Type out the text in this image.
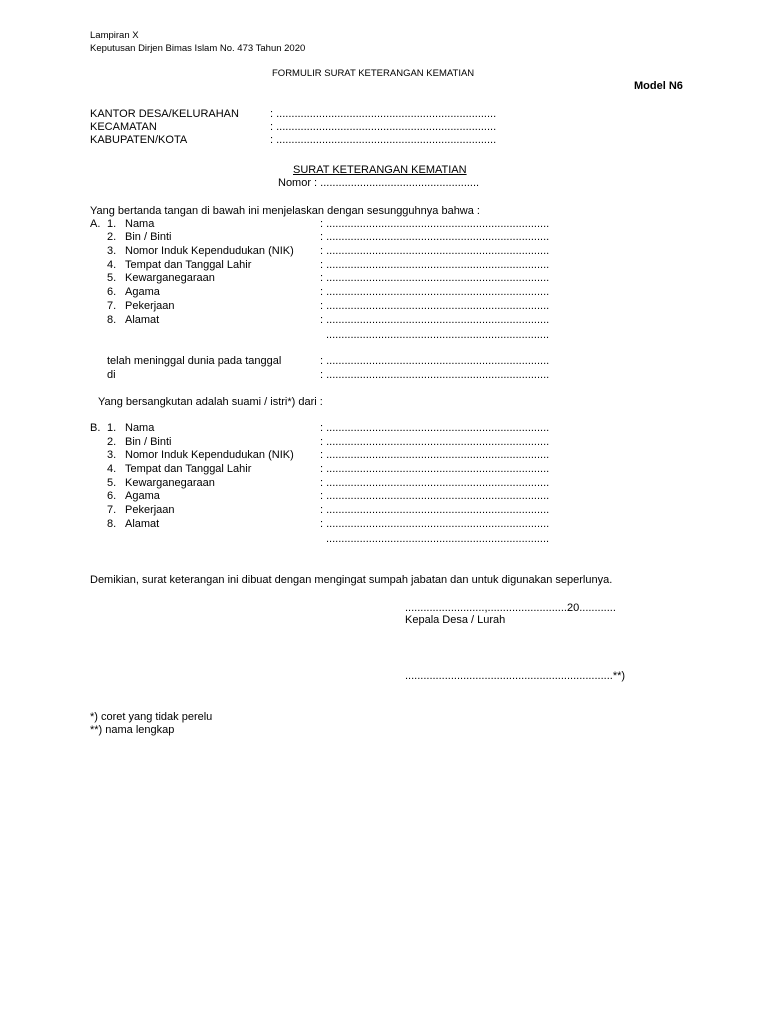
Lampiran X
Keputusan Dirjen Bimas Islam No. 473 Tahun 2020
FORMULIR SURAT KETERANGAN KEMATIAN
Model N6
KANTOR DESA/KELURAHAN	: ........................................................................
KECAMATAN	: ........................................................................
KABUPATEN/KOTA	: ........................................................................
SURAT KETERANGAN KEMATIAN
Nomor : ....................................................
Yang bertanda tangan di bawah ini menjelaskan dengan sesungguhnya bahwa :
A. 1. Nama	: .........................................................................
2. Bin / Binti	: .........................................................................
3. Nomor Induk Kependudukan (NIK) : .........................................................................
4. Tempat dan Tanggal Lahir	: .........................................................................
5. Kewarganegaraan	: .........................................................................
6. Agama	: .........................................................................
7. Pekerjaan	: .........................................................................
8. Alamat	: .........................................................................
.........................................................................
telah meninggal dunia pada tanggal	: .........................................................................
di	: .........................................................................
Yang bersangkutan adalah suami / istri*) dari :
B. 1. Nama	: .........................................................................
2. Bin / Binti	: .........................................................................
3. Nomor Induk Kependudukan (NIK) : .........................................................................
4. Tempat dan Tanggal Lahir	: .........................................................................
5. Kewarganegaraan	: .........................................................................
6. Agama	: .........................................................................
7. Pekerjaan	: .........................................................................
8. Alamat	: .........................................................................
.........................................................................
Demikian, surat keterangan ini dibuat dengan mengingat sumpah jabatan dan untuk digunakan seperlunya.
..........................,..........................20............
Kepala Desa / Lurah
....................................................................**)
*) coret yang tidak perelu
**) nama lengkap
